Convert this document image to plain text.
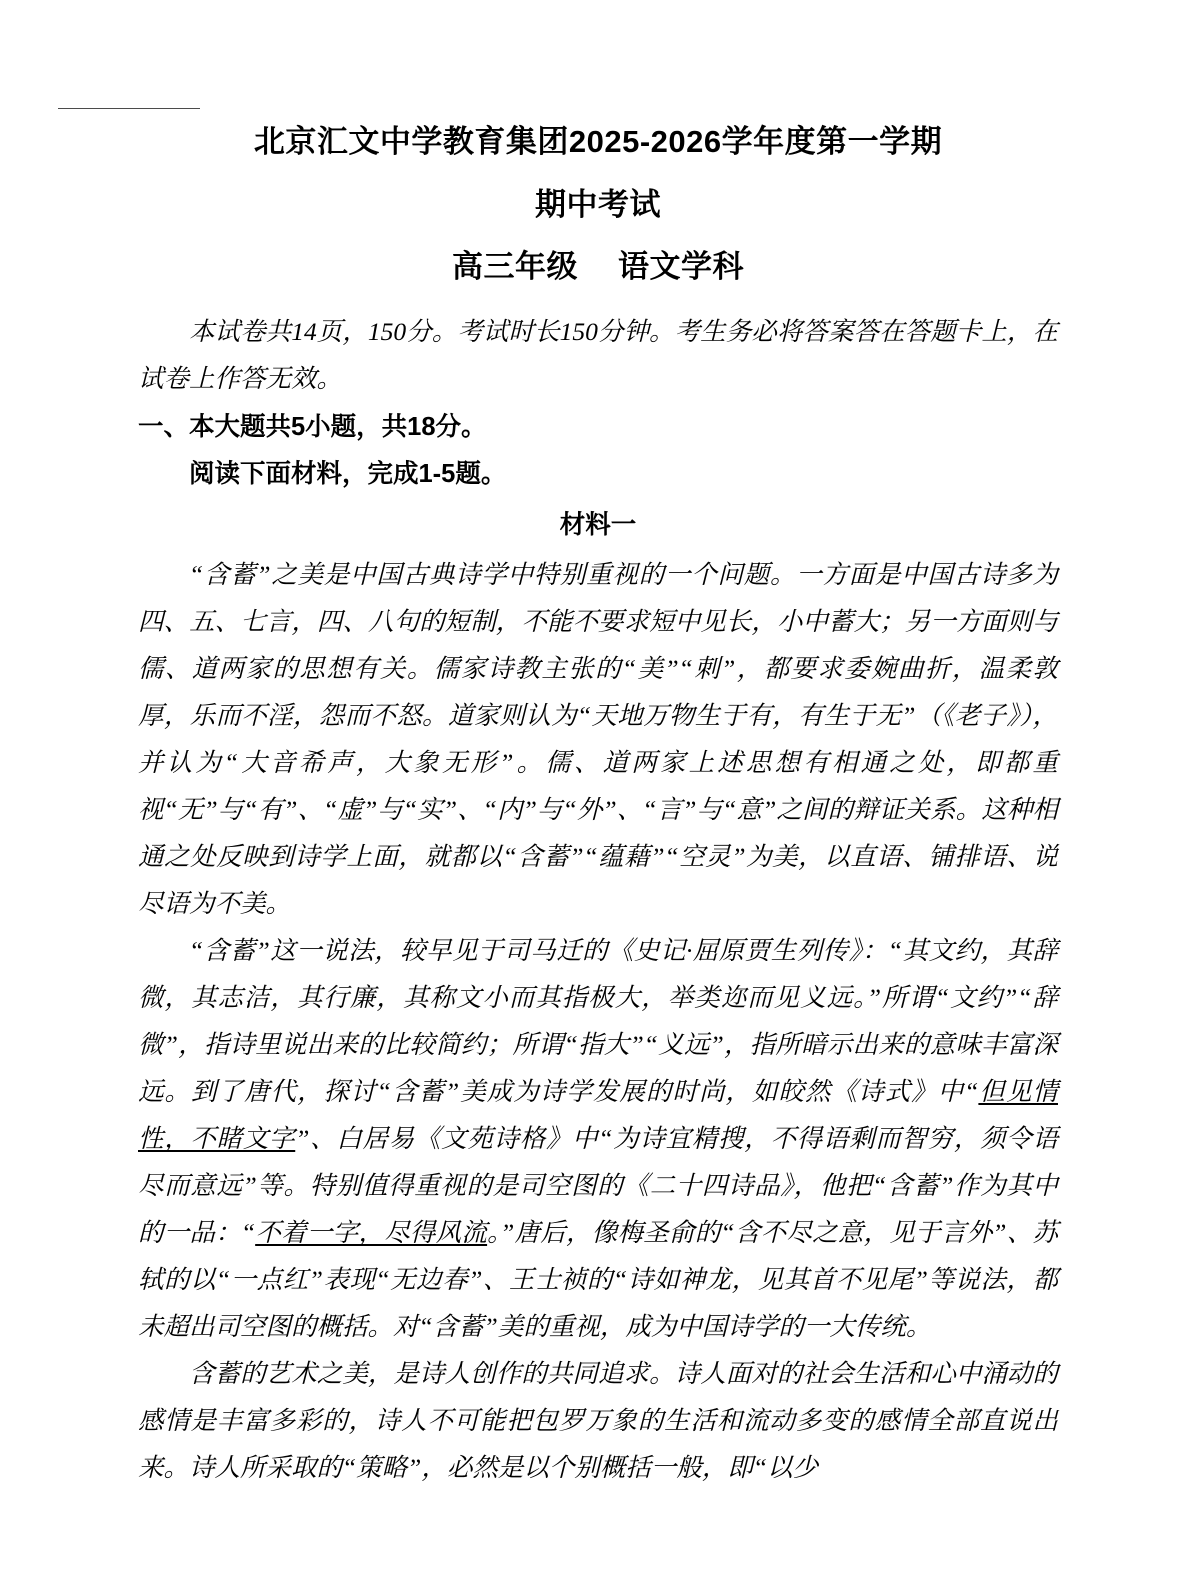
北京汇文中学教育集团2025-2026学年度第一学期
期中考试
高三年级 语文学科

本试卷共14页，150分。考试时长150分钟。考生务必将答案答在答题卡上，在试卷上作答无效。

一、本大题共5小题，共18分。

阅读下面材料，完成1-5题。

材料一

“含蓄”之美是中国古典诗学中特别重视的一个问题。一方面是中国古诗多为四、五、七言，四、八句的短制，不能不要求短中见长，小中蓄大；另一方面则与儒、道两家的思想有关。儒家诗教主张的“美”“刺”，都要求委婉曲折，温柔敦厚，乐而不淫，怨而不怒。道家则认为“天地万物生于有，有生于无”（《老子》），并认为“大音希声，大象无形”。儒、道两家上述思想有相通之处，即都重视“无”与“有”、“虚”与“实”、“内”与“外”、“言”与“意”之间的辩证关系。这种相通之处反映到诗学上面，就都以“含蓄”“蕴藉”“空灵”为美，以直语、铺排语、说尽语为不美。

“含蓄”这一说法，较早见于司马迁的《史记·屈原贾生列传》：“其文约，其辞微，其志洁，其行廉，其称文小而其指极大，举类迩而见义远。”所谓“文约”“辞微”，指诗里说出来的比较简约；所谓“指大”“义远”，指所暗示出来的意味丰富深远。到了唐代，探讨“含蓄”美成为诗学发展的时尚，如皎然《诗式》中“但见情性，不睹文字”、白居易《文苑诗格》中“为诗宜精搜，不得语剩而智穷，须令语尽而意远”等。特别值得重视的是司空图的《二十四诗品》，他把“含蓄”作为其中的一品：“不着一字，尽得风流。”唐后，像梅圣俞的“含不尽之意，见于言外”、苏轼的以“一点红”表现“无边春”、王士祯的“诗如神龙，见其首不见尾”等说法，都未超出司空图的概括。对“含蓄”美的重视，成为中国诗学的一大传统。

含蓄的艺术之美，是诗人创作的共同追求。诗人面对的社会生活和心中涌动的感情是丰富多彩的，诗人不可能把包罗万象的生活和流动多变的感情全部直说出来。诗人所采取的“策略”，必然是以个别概括一般，即“以少
